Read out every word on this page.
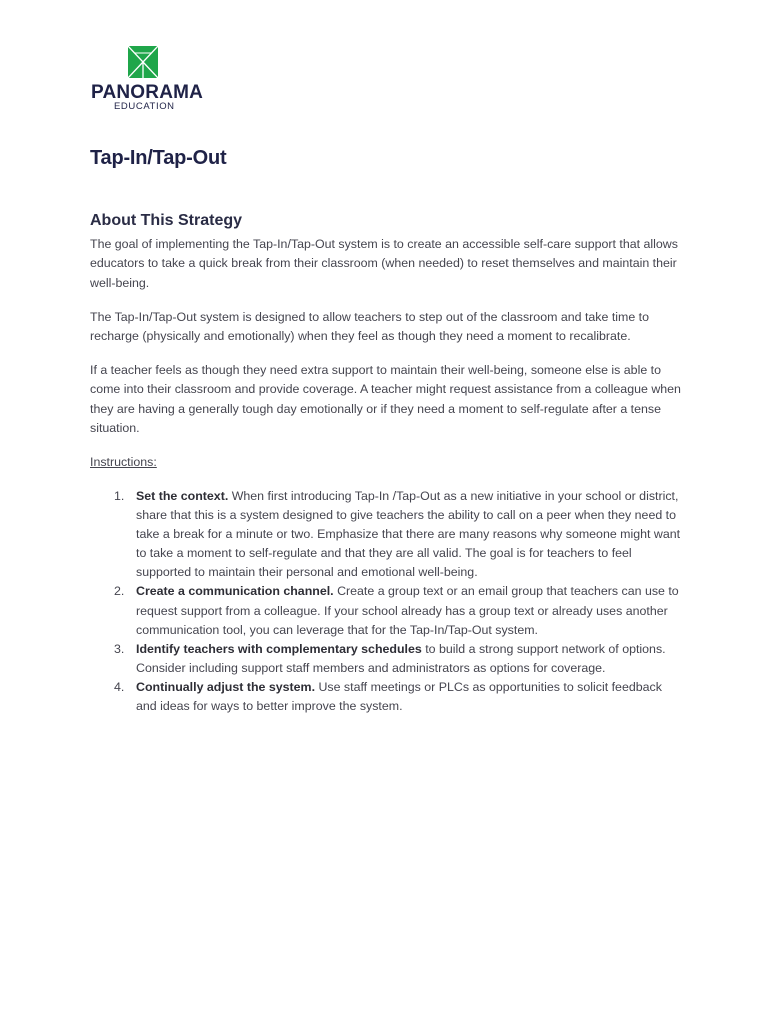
PANORAMA
EDUCATION
Tap-In/Tap-Out
About This Strategy

The goal of implementing the Tap-In/Tap-Out system is to create an accessible self-care support that allows educators to take a quick break from their classroom (when needed) to reset themselves and maintain their well-being.

The Tap-In/Tap-Out system is designed to allow teachers to step out of the classroom and take time to recharge (physically and emotionally) when they feel as though they need a moment to recalibrate.

If a teacher feels as though they need extra support to maintain their well-being, someone else is able to come into their classroom and provide coverage. A teacher might request assistance from a colleague when they are having a generally tough day emotionally or if they need a moment to self-regulate after a tense situation.

Instructions:

1. Set the context. When first introducing Tap-In /Tap-Out as a new initiative in your school or district, share that this is a system designed to give teachers the ability to call on a peer when they need to take a break for a minute or two. Emphasize that there are many reasons why someone might want to take a moment to self-regulate and that they are all valid. The goal is for teachers to feel supported to maintain their personal and emotional well-being.
2. Create a communication channel. Create a group text or an email group that teachers can use to request support from a colleague. If your school already has a group text or already uses another communication tool, you can leverage that for the Tap-In/Tap-Out system.
3. Identify teachers with complementary schedules to build a strong support network of options. Consider including support staff members and administrators as options for coverage.
4. Continually adjust the system. Use staff meetings or PLCs as opportunities to solicit feedback and ideas for ways to better improve the system.
